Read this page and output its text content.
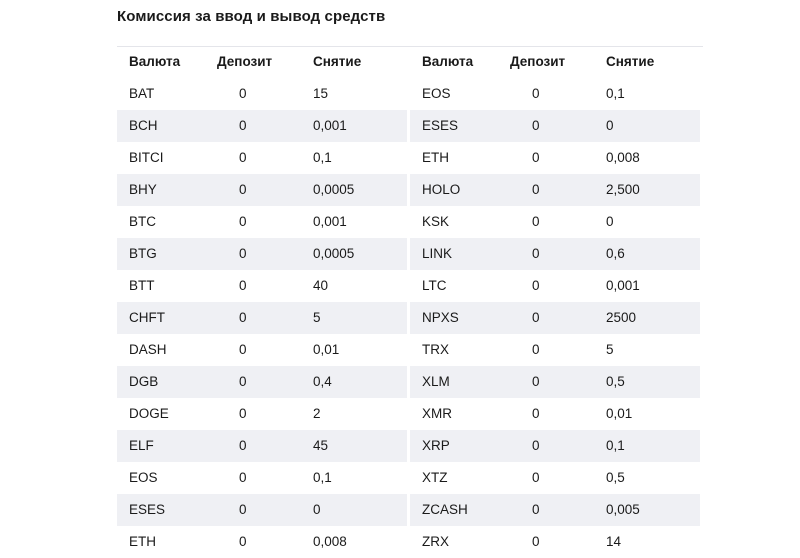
Комиссия за ввод и вывод средств
Валюта	Депозит	Снятие
BAT	0	15
BCH	0	0,001
BITCI	0	0,1
BHY	0	0,0005
BTC	0	0,001
BTG	0	0,0005
BTT	0	40
CHFT	0	5
DASH	0	0,01
DGB	0	0,4
DOGE	0	2
ELF	0	45
EOS	0	0,1
ESES	0	0
ETH	0	0,008
Валюта	Депозит	Снятие
EOS	0	0,1
ESES	0	0
ETH	0	0,008
HOLO	0	2,500
KSK	0	0
LINK	0	0,6
LTC	0	0,001
NPXS	0	2500
TRX	0	5
XLM	0	0,5
XMR	0	0,01
XRP	0	0,1
XTZ	0	0,5
ZCASH	0	0,005
ZRX	0	14
